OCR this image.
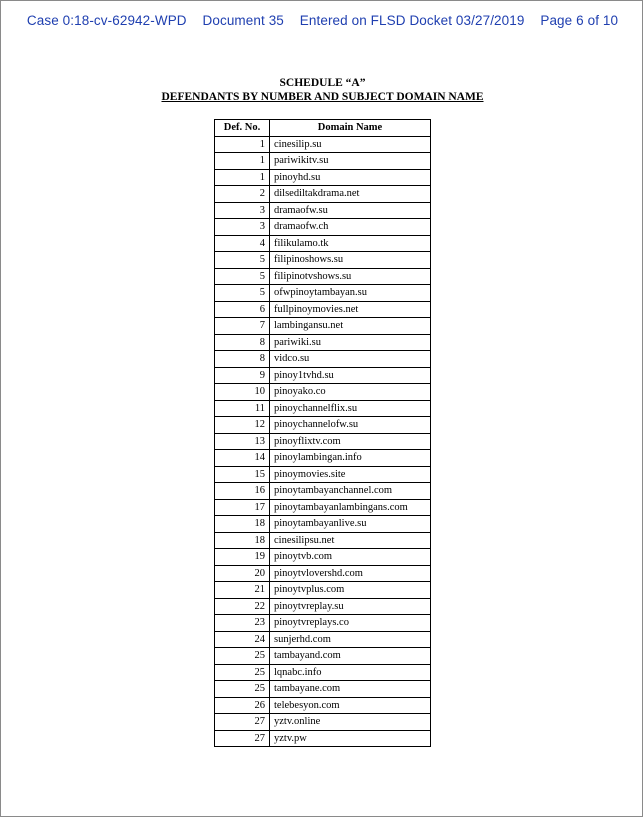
Case 0:18-cv-62942-WPD Document 35 Entered on FLSD Docket 03/27/2019 Page 6 of 10
SCHEDULE “A”
DEFENDANTS BY NUMBER AND SUBJECT DOMAIN NAME
Def. No.	Domain Name
1	cinesilip.su
1	pariwikitv.su
1	pinoyhd.su
2	dilsediltakdrama.net
3	dramaofw.su
3	dramaofw.ch
4	filikulamo.tk
5	filipinoshows.su
5	filipinotvshows.su
5	ofwpinoytambayan.su
6	fullpinoymovies.net
7	lambingansu.net
8	pariwiki.su
8	vidco.su
9	pinoy1tvhd.su
10	pinoyako.co
11	pinoychannelflix.su
12	pinoychannelofw.su
13	pinoyflixtv.com
14	pinoylambingan.info
15	pinoymovies.site
16	pinoytambayanchannel.com
17	pinoytambayanlambingans.com
18	pinoytambayanlive.su
18	cinesilipsu.net
19	pinoytvb.com
20	pinoytvlovershd.com
21	pinoytvplus.com
22	pinoytvreplay.su
23	pinoytvreplays.co
24	sunjerhd.com
25	tambayand.com
25	lqnabc.info
25	tambayane.com
26	telebesyon.com
27	yztv.online
27	yztv.pw
